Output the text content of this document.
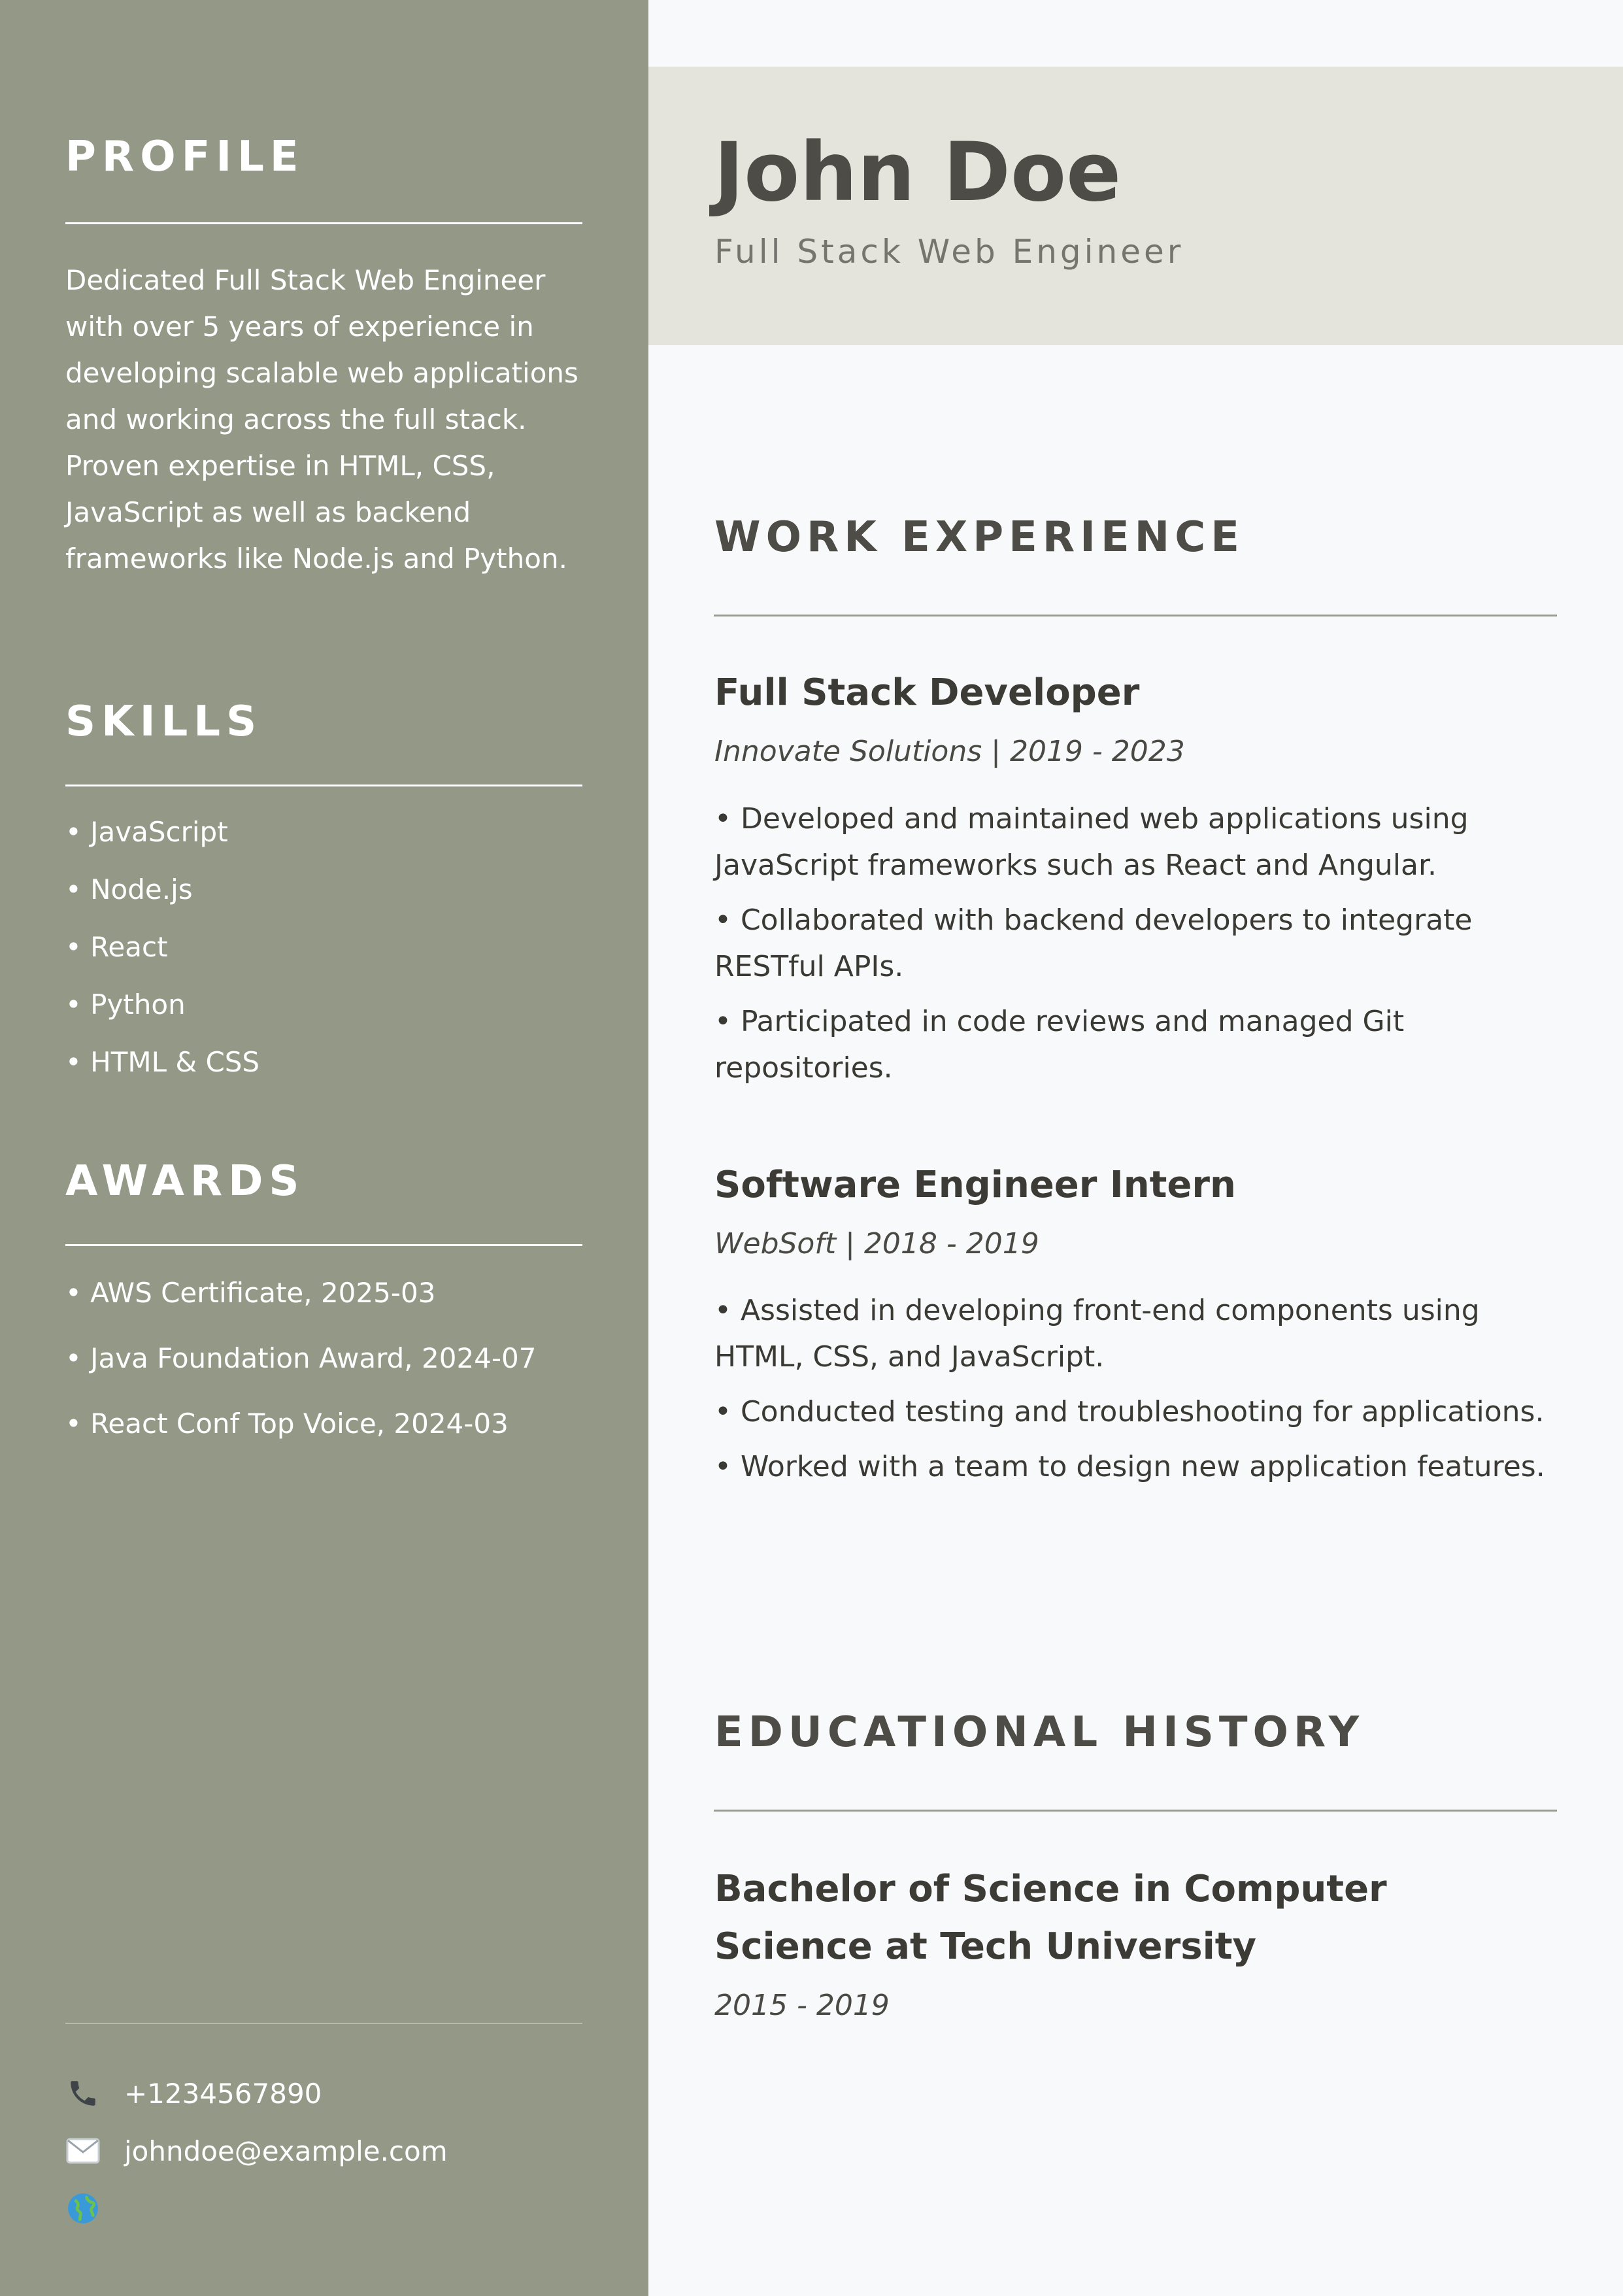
PROFILE

Dedicated Full Stack Web Engineer with over 5 years of experience in developing scalable web applications and working across the full stack. Proven expertise in HTML, CSS, JavaScript as well as backend frameworks like Node.js and Python.

SKILLS
• JavaScript
• Node.js
• React
• Python
• HTML & CSS
AWARDS
• AWS Certificate, 2025-03
• Java Foundation Award, 2024-07
• React Conf Top Voice, 2024-03
+1234567890
johndoe@example.com
John Doe

Full Stack Web Engineer

WORK EXPERIENCE
Full Stack Developer

Innovate Solutions | 2019 - 2023

• Developed and maintained web applications using JavaScript frameworks such as React and Angular.
• Collaborated with backend developers to integrate RESTful APIs.
• Participated in code reviews and managed Git repositories.
Software Engineer Intern

WebSoft | 2018 - 2019

• Assisted in developing front-end components using HTML, CSS, and JavaScript.
• Conducted testing and troubleshooting for applications.
• Worked with a team to design new application features.
EDUCATIONAL HISTORY
Bachelor of Science in Computer Science at Tech University

2015 - 2019
